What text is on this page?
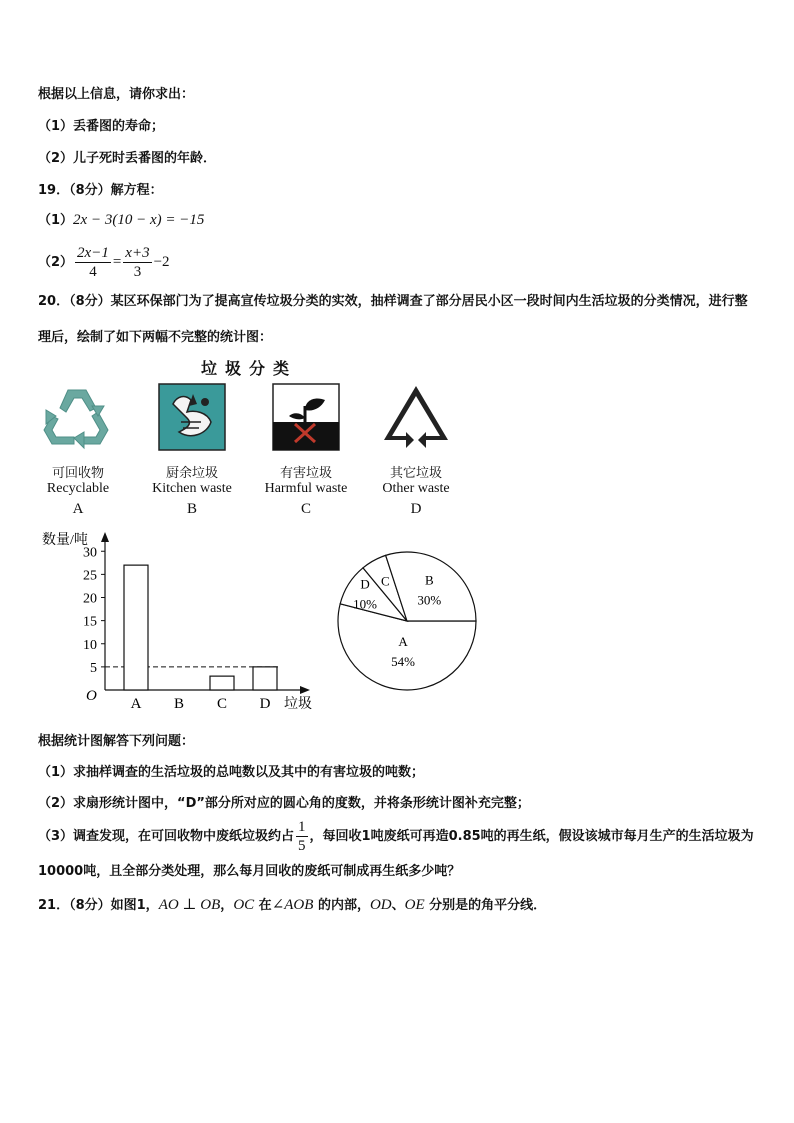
根据以上信息，请你求出：
（1）丢番图的寿命；
（2）儿子死时丢番图的年龄．
19．（8分）解方程：
（1）2x − 3(10 − x) = −15
$(2) \frac{2x-1}{4} = \frac{x+3}{3} -2$
20．（8分）某区环保部门为了提高宣传垃圾分类的实效，抽样调查了部分居民小区一段时间内生活垃圾的分类情况，进行整理后，绘制了如下两幅不完整的统计图：
垃圾分类
可回收物
Recyclable
A
厨余垃圾
Kitchen waste
B
有害垃圾
Harmful waste
C
其它垃圾
Other waste
D
数量/吨
垃圾
O
5
10
15
20
25
30
A B C D
A
54%
D
10%
C	B
30%
根据统计图解答下列问题：
（1）求抽样调查的生活垃圾的总吨数以及其中的有害垃圾的吨数；
（2）求扇形统计图中，“D”部分所对应的圆心角的度数，并将条形统计图补充完整；
（3）调查发现，在可回收物中废纸垃圾约占 $\frac{1}{5}$ ，每回收1吨废纸可再造0.85吨的再生纸，假设该城市每月生产的生活垃圾为10000吨，且全部分类处理，那么每月回收的废纸可制成再生纸多少吨？
21．（8分）如图1，AO ⊥ OB，OC 在∠AOB 的内部，OD、OE 分别是的角平分线．
